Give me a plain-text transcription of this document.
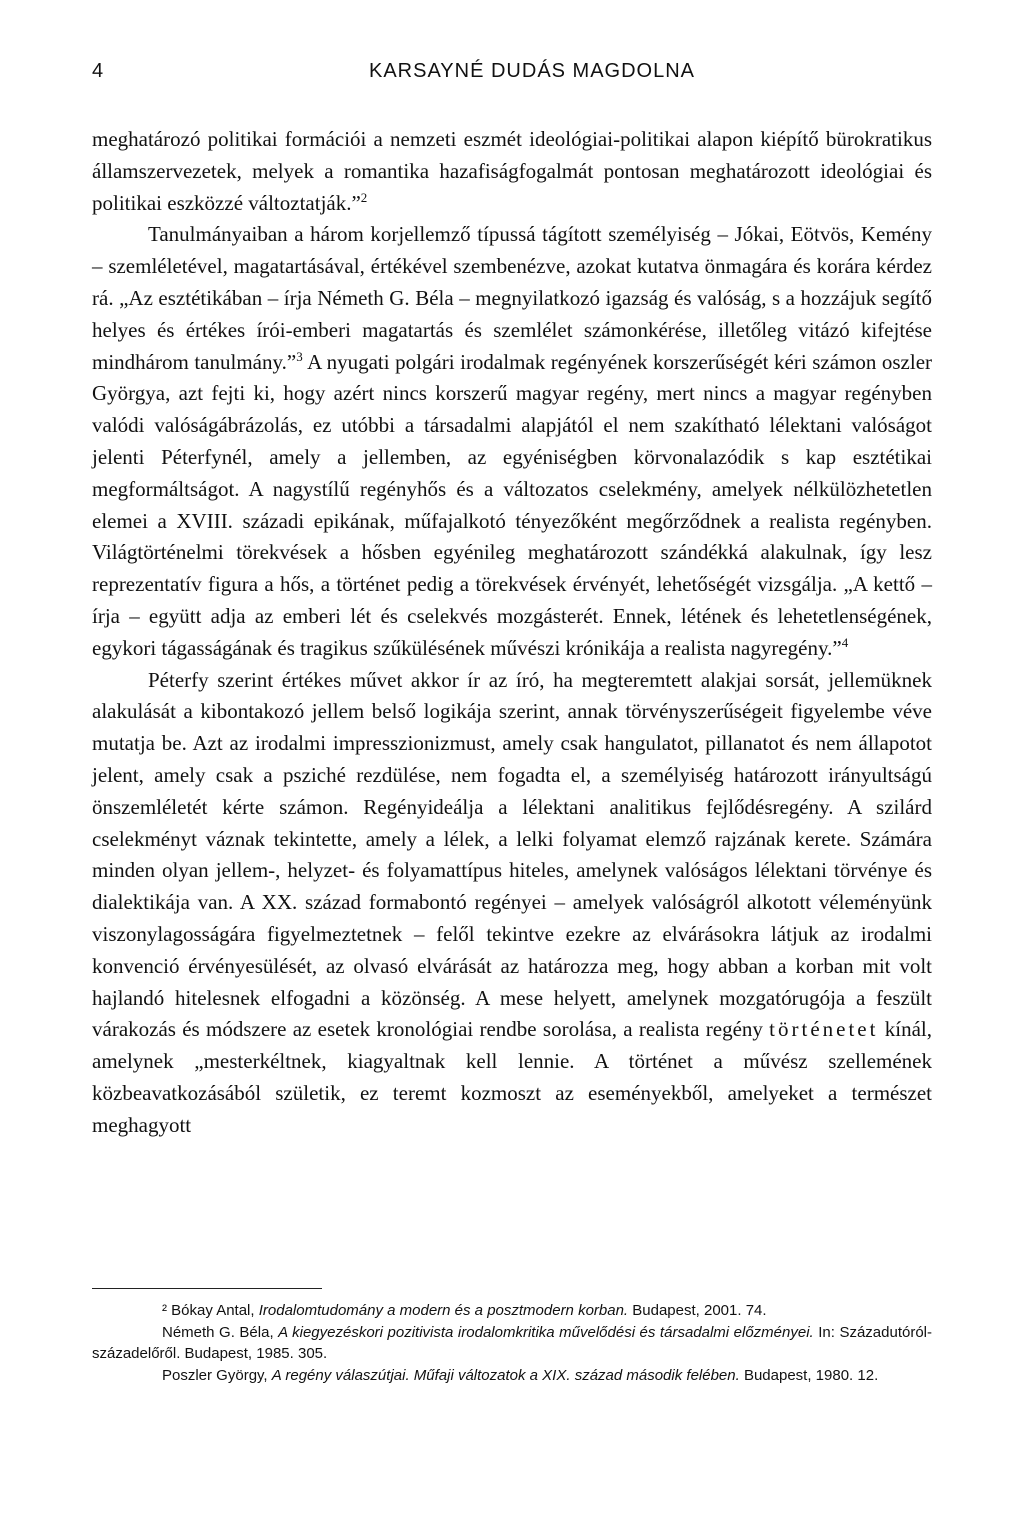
4	KARSAYNÉ DUDÁS MAGDOLNA

meghatározó politikai formációi a nemzeti eszmét ideológiai-politikai alapon kiépítő bürokratikus államszervezetek, melyek a romantika hazafiságfogalmát pontosan meghatározott ideológiai és politikai eszközzé változtatják.”$^2$

Tanulmányaiban a három korjellemző típussá tágított személyiség – Jókai, Eötvös, Kemény – szemléletével, magatartásával, értékével szembenézve, azokat kutatva önmagára és korára kérdez rá. „Az esztétikában – írja Németh G. Béla – megnyilatkozó igazság és valóság, s a hozzájuk segítő helyes és értékes írói-emberi magatartás és szemlélet számonkérése, illetőleg vitázó kifejtése mindhárom tanulmány.”$^3$ A nyugati polgári irodalmak regényének korszerűségét kéri számon oszler Györgya, azt fejti ki, hogy azért nincs korszerű magyar regény, mert nincs a magyar regényben valódi valóságábrázolás, ez utóbbi a társadalmi alapjától el nem szakítható lélektani valóságot jelenti Péterfynél, amely a jellemben, az egyéniségben körvonalazódik s kap esztétikai megformáltságot. A nagystílű regényhős és a változatos cselekmény, amelyek nélkülözhetetlen elemei a XVIII. századi epikának, műfajalkotó tényezőként megőrződnek a realista regényben. Világtörténelmi törekvések a hősben egyénileg meghatározott szándékká alakulnak, így lesz reprezentatív figura a hős, a történet pedig a törekvések érvényét, lehetőségét vizsgálja. „A kettő – írja – együtt adja az emberi lét és cselekvés mozgásterét. Ennek, létének és lehetetlenségének, egykori tágasságának és tragikus szűkülésének művészi krónikája a realista nagyregény.”$^4$

Péterfy szerint értékes művet akkor ír az író, ha megteremtett alakjai sorsát, jellemüknek alakulását a kibontakozó jellem belső logikája szerint, annak törvényszerűségeit figyelembe véve mutatja be. Azt az irodalmi impresszionizmust, amely csak hangulatot, pillanatot és nem állapotot jelent, amely csak a psziché rezdülése, nem fogadta el, a személyiség határozott irányultságú önszemléletét kérte számon. Regényideálja a lélektani analitikus fejlődésregény. A szilárd cselekményt váznak tekintette, amely a lélek, a lelki folyamat elemző rajzának kerete. Számára minden olyan jellem-, helyzet- és folyamattípus hiteles, amelynek valóságos lélektani törvénye és dialektikája van. A XX. század formabontó regényei – amelyek valóságról alkotott véleményünk viszonylagosságára figyelmeztetnek – felől tekintve ezekre az elvárásokra látjuk az irodalmi konvenció érvényesülését, az olvasó elvárását az határozza meg, hogy abban a korban mit volt hajlandó hitelesnek elfogadni a közönség. A mese helyett, amelynek mozgatórugója a feszült várakozás és módszere az esetek kronológiai rendbe sorolása, a realista regény történetet kínál, amelynek „mesterkéltnek, kiagyaltnak kell lennie. A történet a művész szellemének közbeavatkozásából születik, ez teremt kozmoszt az eseményekből, amelyeket a természet meghagyott

² Bókay Antal, Irodalomtudomány a modern és a posztmodern korban. Budapest, 2001. 74.

Németh G. Béla, A kiegyezéskori pozitivista irodalomkritika művelődési és társadalmi előzményei. In: Századutóról-századelőről. Budapest, 1985. 305.

Poszler György, A regény válaszútjai. Műfaji változatok a XIX. század második felében. Budapest, 1980. 12.
